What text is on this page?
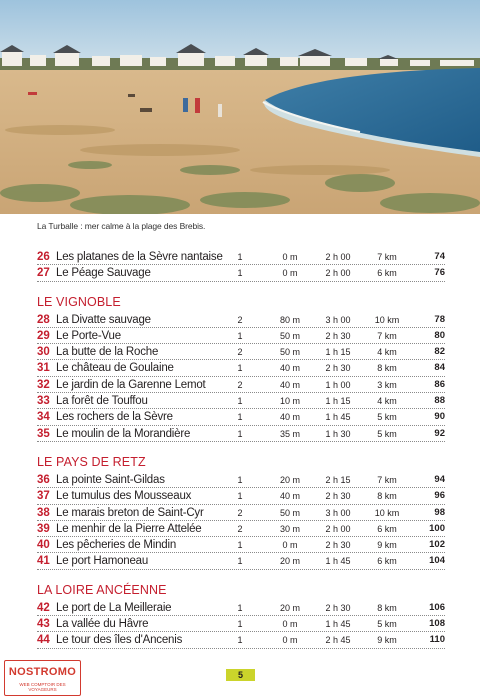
La Turballe : mer calme à la plage des Brebis.
26 Les platanes de la Sèvre nantaise	1	0 m	2 h 00	7 km	74
27 Le Péage Sauvage	1	0 m	2 h 00	6 km	76
LE VIGNOBLE
28 La Divatte sauvage	2	80 m	3 h 00	10 km	78
29 Le Porte-Vue	1	50 m	2 h 30	7 km	80
30 La butte de la Roche	2	50 m	1 h 15	4 km	82
31 Le château de Goulaine	1	40 m	2 h 30	8 km	84
32 Le jardin de la Garenne Lemot	2	40 m	1 h 00	3 km	86
33 La forêt de Touffou	1	10 m	1 h 15	4 km	88
34 Les rochers de la Sèvre	1	40 m	1 h 45	5 km	90
35 Le moulin de la Morandière	1	35 m	1 h 30	5 km	92
LE PAYS DE RETZ
36 La pointe Saint-Gildas	1	20 m	2 h 15	7 km	94
37 Le tumulus des Mousseaux	1	40 m	2 h 30	8 km	96
38 Le marais breton de Saint-Cyr	2	50 m	3 h 00	10 km	98
39 Le menhir de la Pierre Attelée	2	30 m	2 h 00	6 km	100
40 Les pêcheries de Mindin	1	0 m	2 h 30	9 km	102
41 Le port Hamoneau	1	20 m	1 h 45	6 km	104
LA LOIRE ANCÉENNE
42 Le port de La Meilleraie	1	20 m	2 h 30	8 km	106
43 La vallée du Hâvre	1	0 m	1 h 45	5 km	108
44 Le tour des îles d'Ancenis	1	0 m	2 h 45	9 km	110
5
NOSTROMO
WEB COMPTOIR DES VOYAGEURS
